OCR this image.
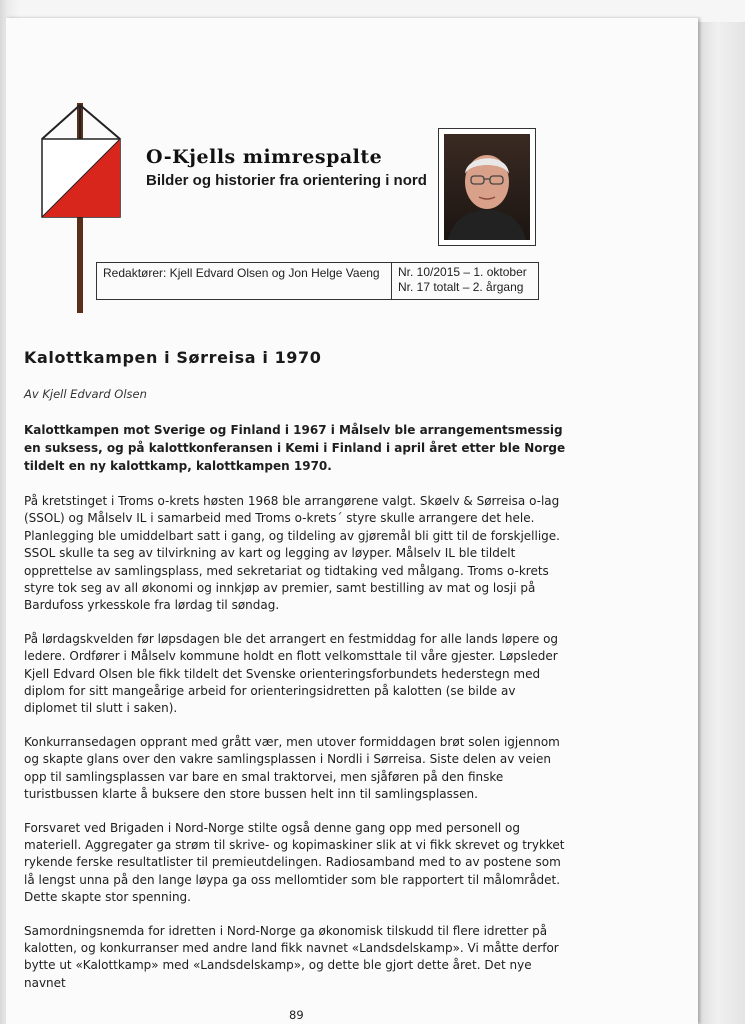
O-Kjells mimrespalte

Bilder og historier fra orientering i nord

Redaktører: Kjell Edvard Olsen og Jon Helge Vaeng	Nr. 10/2015 – 1. oktober
Nr. 17 totalt – 2. årgang
Kalottkampen i Sørreisa i 1970

Av Kjell Edvard Olsen

Kalottkampen mot Sverige og Finland i 1967 i Målselv ble arrangementsmessig en suksess, og på kalottkonferansen i Kemi i Finland i april året etter ble Norge tildelt en ny kalottkamp, kalottkampen 1970.

På kretstinget i Troms o-krets høsten 1968 ble arrangørene valgt. Skøelv & Sørreisa o-lag (SSOL) og Målselv IL i samarbeid med Troms o-krets´ styre skulle arrangere det hele. Planlegging ble umiddelbart satt i gang, og tildeling av gjøremål bli gitt til de forskjellige. SSOL skulle ta seg av tilvirkning av kart og legging av løyper. Målselv IL ble tildelt opprettelse av samlingsplass, med sekretariat og tidtaking ved målgang. Troms o-krets styre tok seg av all økonomi og innkjøp av premier, samt bestilling av mat og losji på Bardufoss yrkesskole fra lørdag til søndag.

På lørdagskvelden før løpsdagen ble det arrangert en festmiddag for alle lands løpere og ledere. Ordfører i Målselv kommune holdt en flott velkomsttale til våre gjester. Løpsleder Kjell Edvard Olsen ble fikk tildelt det Svenske orienteringsforbundets hederstegn med diplom for sitt mangeårige arbeid for orienteringsidretten på kalotten (se bilde av diplomet til slutt i saken).

Konkurransedagen opprant med grått vær, men utover formiddagen brøt solen igjennom og skapte glans over den vakre samlingsplassen i Nordli i Sørreisa. Siste delen av veien opp til samlingsplassen var bare en smal traktorvei, men sjåføren på den finske turistbussen klarte å buksere den store bussen helt inn til samlingsplassen.

Forsvaret ved Brigaden i Nord-Norge stilte også denne gang opp med personell og materiell. Aggregater ga strøm til skrive- og kopimaskiner slik at vi fikk skrevet og trykket rykende ferske resultatlister til premieutdelingen. Radiosamband med to av postene som lå lengst unna på den lange løypa ga oss mellomtider som ble rapportert til målområdet. Dette skapte stor spenning.

Samordningsnemda for idretten i Nord-Norge ga økonomisk tilskudd til flere idretter på kalotten, og konkurranser med andre land fikk navnet «Landsdelskamp». Vi måtte derfor bytte ut «Kalottkamp» med «Landsdelskamp», og dette ble gjort dette året. Det nye navnet

89
